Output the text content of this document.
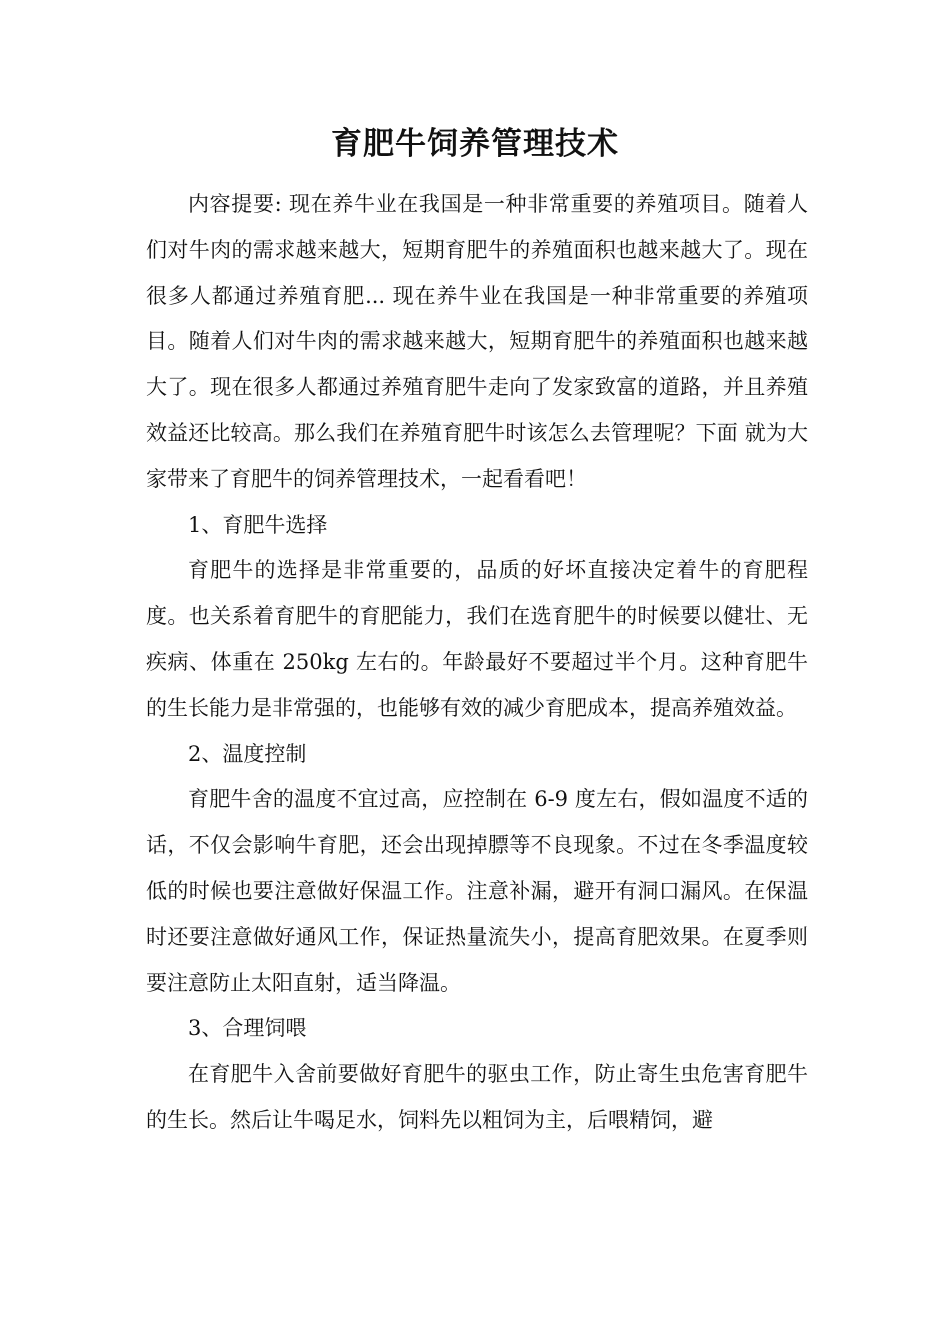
育肥牛饲养管理技术

内容提要: 现在养牛业在我国是一种非常重要的养殖项目。随着人们对牛肉的需求越来越大，短期育肥牛的养殖面积也越来越大了。现在很多人都通过养殖育肥... 现在养牛业在我国是一种非常重要的养殖项目。随着人们对牛肉的需求越来越大，短期育肥牛的养殖面积也越来越大了。现在很多人都通过养殖育肥牛走向了发家致富的道路，并且养殖效益还比较高。那么我们在养殖育肥牛时该怎么去管理呢？下面 就为大家带来了育肥牛的饲养管理技术，一起看看吧！

1、育肥牛选择

育肥牛的选择是非常重要的，品质的好坏直接决定着牛的育肥程度。也关系着育肥牛的育肥能力，我们在选育肥牛的时候要以健壮、无疾病、体重在 250kg 左右的。年龄最好不要超过半个月。这种育肥牛的生长能力是非常强的，也能够有效的减少育肥成本，提高养殖效益。

2、温度控制

育肥牛舍的温度不宜过高，应控制在 6-9 度左右，假如温度不适的话，不仅会影响牛育肥，还会出现掉膘等不良现象。不过在冬季温度较低的时候也要注意做好保温工作。注意补漏，避开有洞口漏风。在保温时还要注意做好通风工作，保证热量流失小，提高育肥效果。在夏季则要注意防止太阳直射，适当降温。

3、合理饲喂

在育肥牛入舍前要做好育肥牛的驱虫工作，防止寄生虫危害育肥牛的生长。然后让牛喝足水，饲料先以粗饲为主，后喂精饲，避
